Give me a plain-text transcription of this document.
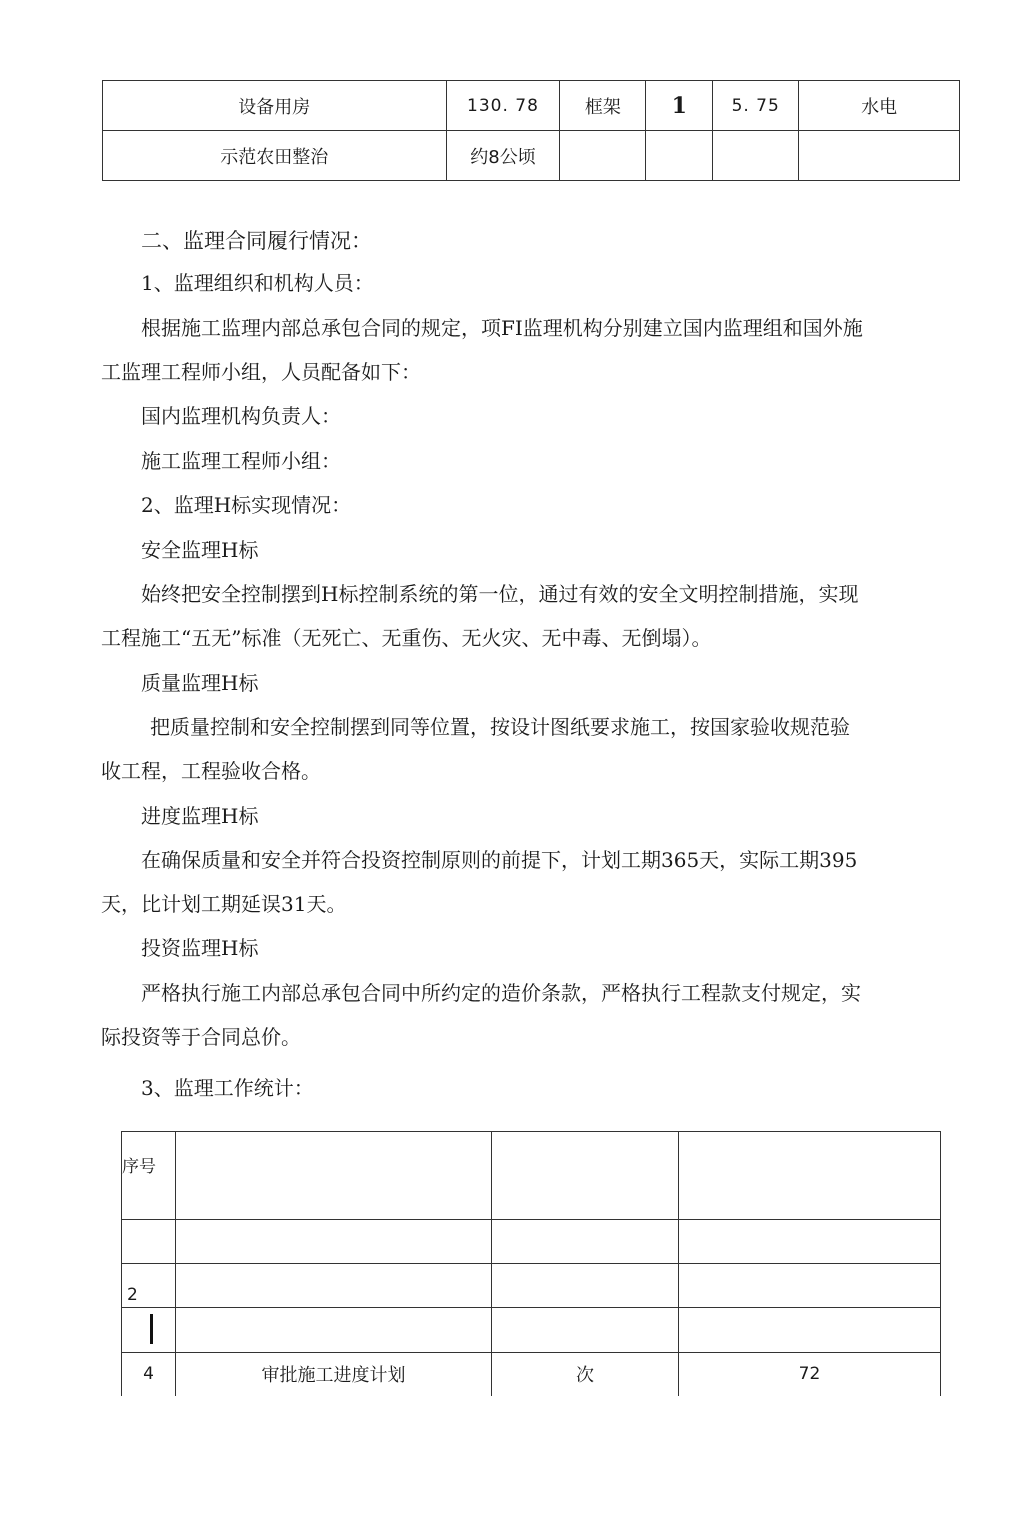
设备用房	130. 78	框架	1	5. 75	水电
示范农田整治	约8公顷				
二、监理合同履行情况：
1、监理组织和机构人员：
根据施工监理内部总承包合同的规定，项FI监理机构分别建立国内监理组和国外施
工监理工程师小组，人员配备如下：
国内监理机构负责人：
施工监理工程师小组：
2、监理H标实现情况：
安全监理H标
始终把安全控制摆到H标控制系统的第一位，通过有效的安全文明控制措施，实现
工程施工“五无”标准（无死亡、无重伤、无火灾、无中毒、无倒塌）。
质量监理H标
把质量控制和安全控制摆到同等位置，按设计图纸要求施工，按国家验收规范验
收工程，工程验收合格。
进度监理H标
在确保质量和安全并符合投资控制原则的前提下，计划工期365天，实际工期395
天，比计划工期延误31天。
投资监理H标
严格执行施工内部总承包合同中所约定的造价条款，严格执行工程款支付规定，实
际投资等于合同总价。
3、监理工作统计：
序号			

2			

4	审批施工进度计划	次	72
